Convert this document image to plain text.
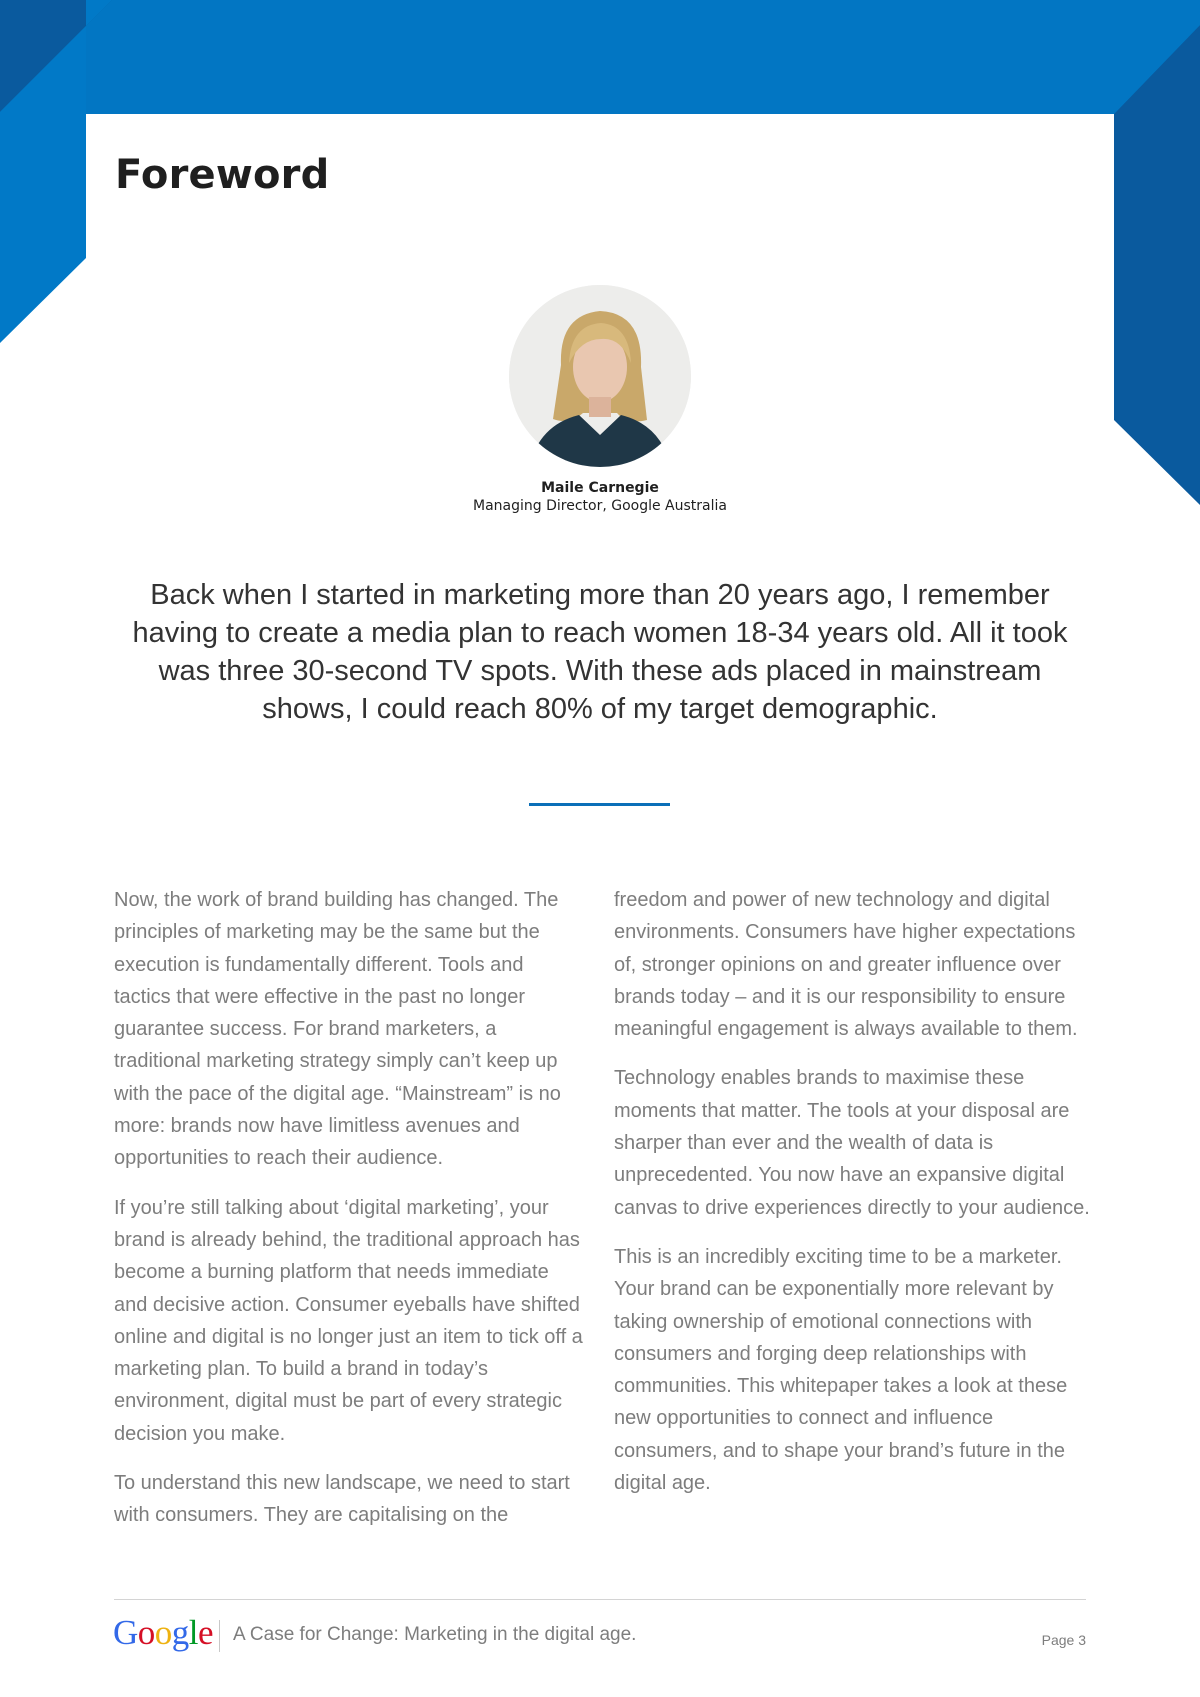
Foreword
Maile Carnegie
Managing Director, Google Australia

Back when I started in marketing more than 20 years ago, I remember having to create a media plan to reach women 18-34 years old. All it took was three 30-second TV spots. With these ads placed in mainstream shows, I could reach 80% of my target demographic.

Now, the work of brand building has changed. The principles of marketing may be the same but the execution is fundamentally different. Tools and tactics that were effective in the past no longer guarantee success. For brand marketers, a traditional marketing strategy simply can’t keep up with the pace of the digital age. “Mainstream” is no more: brands now have limitless avenues and opportunities to reach their audience.

If you’re still talking about ‘digital marketing’, your brand is already behind, the traditional approach has become a burning platform that needs immediate and decisive action. Consumer eyeballs have shifted online and digital is no longer just an item to tick off a marketing plan. To build a brand in today’s environment, digital must be part of every strategic decision you make.

To understand this new landscape, we need to start with consumers. They are capitalising on the

freedom and power of new technology and digital environments. Consumers have higher expectations of, stronger opinions on and greater influence over brands today – and it is our responsibility to ensure meaningful engagement is always available to them.

Technology enables brands to maximise these moments that matter. The tools at your disposal are sharper than ever and the wealth of data is unprecedented. You now have an expansive digital canvas to drive experiences directly to your audience.

This is an incredibly exciting time to be a marketer. Your brand can be exponentially more relevant by taking ownership of emotional connections with consumers and forging deep relationships with communities. This whitepaper takes a look at these new opportunities to connect and influence consumers, and to shape your brand’s future in the digital age.

Google A Case for Change: Marketing in the digital age.	Page 3
